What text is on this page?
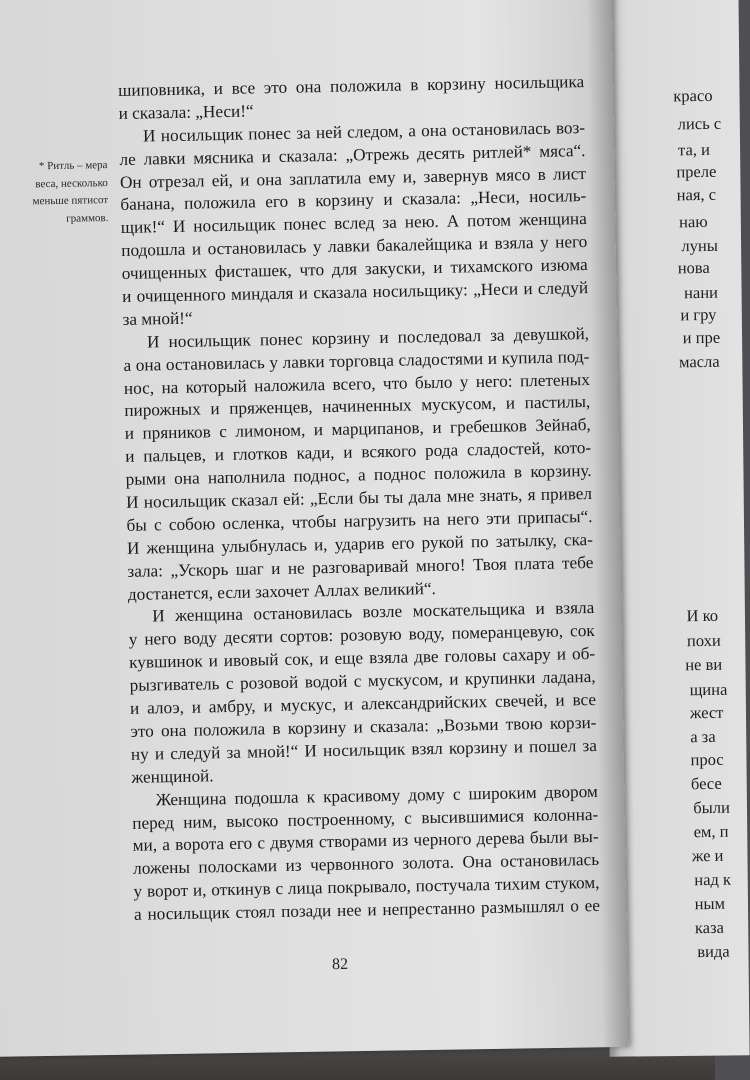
* Ритль – мера
веса, несколько
меньше пятисот
граммов.
шиповника, и все это она положила в корзину носильщика
и сказала: „Неси!“
И носильщик понес за ней следом, а она остановилась воз-
ле лавки мясника и сказала: „Отрежь десять ритлей* мяса“.
Он отрезал ей, и она заплатила ему и, завернув мясо в лист
банана, положила его в корзину и сказала: „Неси, носиль-
щик!“ И носильщик понес вслед за нею. А потом женщина
подошла и остановилась у лавки бакалейщика и взяла у него
очищенных фисташек, что для закуски, и тихамского изюма
и очищенного миндаля и сказала носильщику: „Неси и следуй
за мной!“
И носильщик понес корзину и последовал за девушкой,
а она остановилась у лавки торговца сладостями и купила под-
нос, на который наложила всего, что было у него: плетеных
пирожных и пряженцев, начиненных мускусом, и пастилы,
и пряников с лимоном, и марципанов, и гребешков Зейнаб,
и пальцев, и глотков кади, и всякого рода сладостей, кото-
рыми она наполнила поднос, а поднос положила в корзину.
И носильщик сказал ей: „Если бы ты дала мне знать, я привел
бы с собою осленка, чтобы нагрузить на него эти припасы“.
И женщина улыбнулась и, ударив его рукой по затылку, ска-
зала: „Ускорь шаг и не разговаривай много! Твоя плата тебе
достанется, если захочет Аллах великий“.
И женщина остановилась возле москательщика и взяла
у него воду десяти сортов: розовую воду, померанцевую, сок
кувшинок и ивовый сок, и еще взяла две головы сахару и об-
рызгиватель с розовой водой с мускусом, и крупинки ладана,
и алоэ, и амбру, и мускус, и александрийских свечей, и все
это она положила в корзину и сказала: „Возьми твою корзи-
ну и следуй за мной!“ И носильщик взял корзину и пошел за
женщиной.
Женщина подошла к красивому дому с широким двором
перед ним, высоко построенному, с высившимися колонна-
ми, а ворота его с двумя створами из черного дерева были вы-
ложены полосками из червонного золота. Она остановилась
у ворот и, откинув с лица покрывало, постучала тихим стуком,
а носильщик стоял позади нее и непрестанно размышлял о ее
82
красо
лись с
та, и
преле
ная, с
наю
луны
нова
нани
и гру
и пре
масла
И ко
похи
не ви
щина
жест
а за
прос
бесе
были
ем, п
же и
над к
ным
каза
вида
